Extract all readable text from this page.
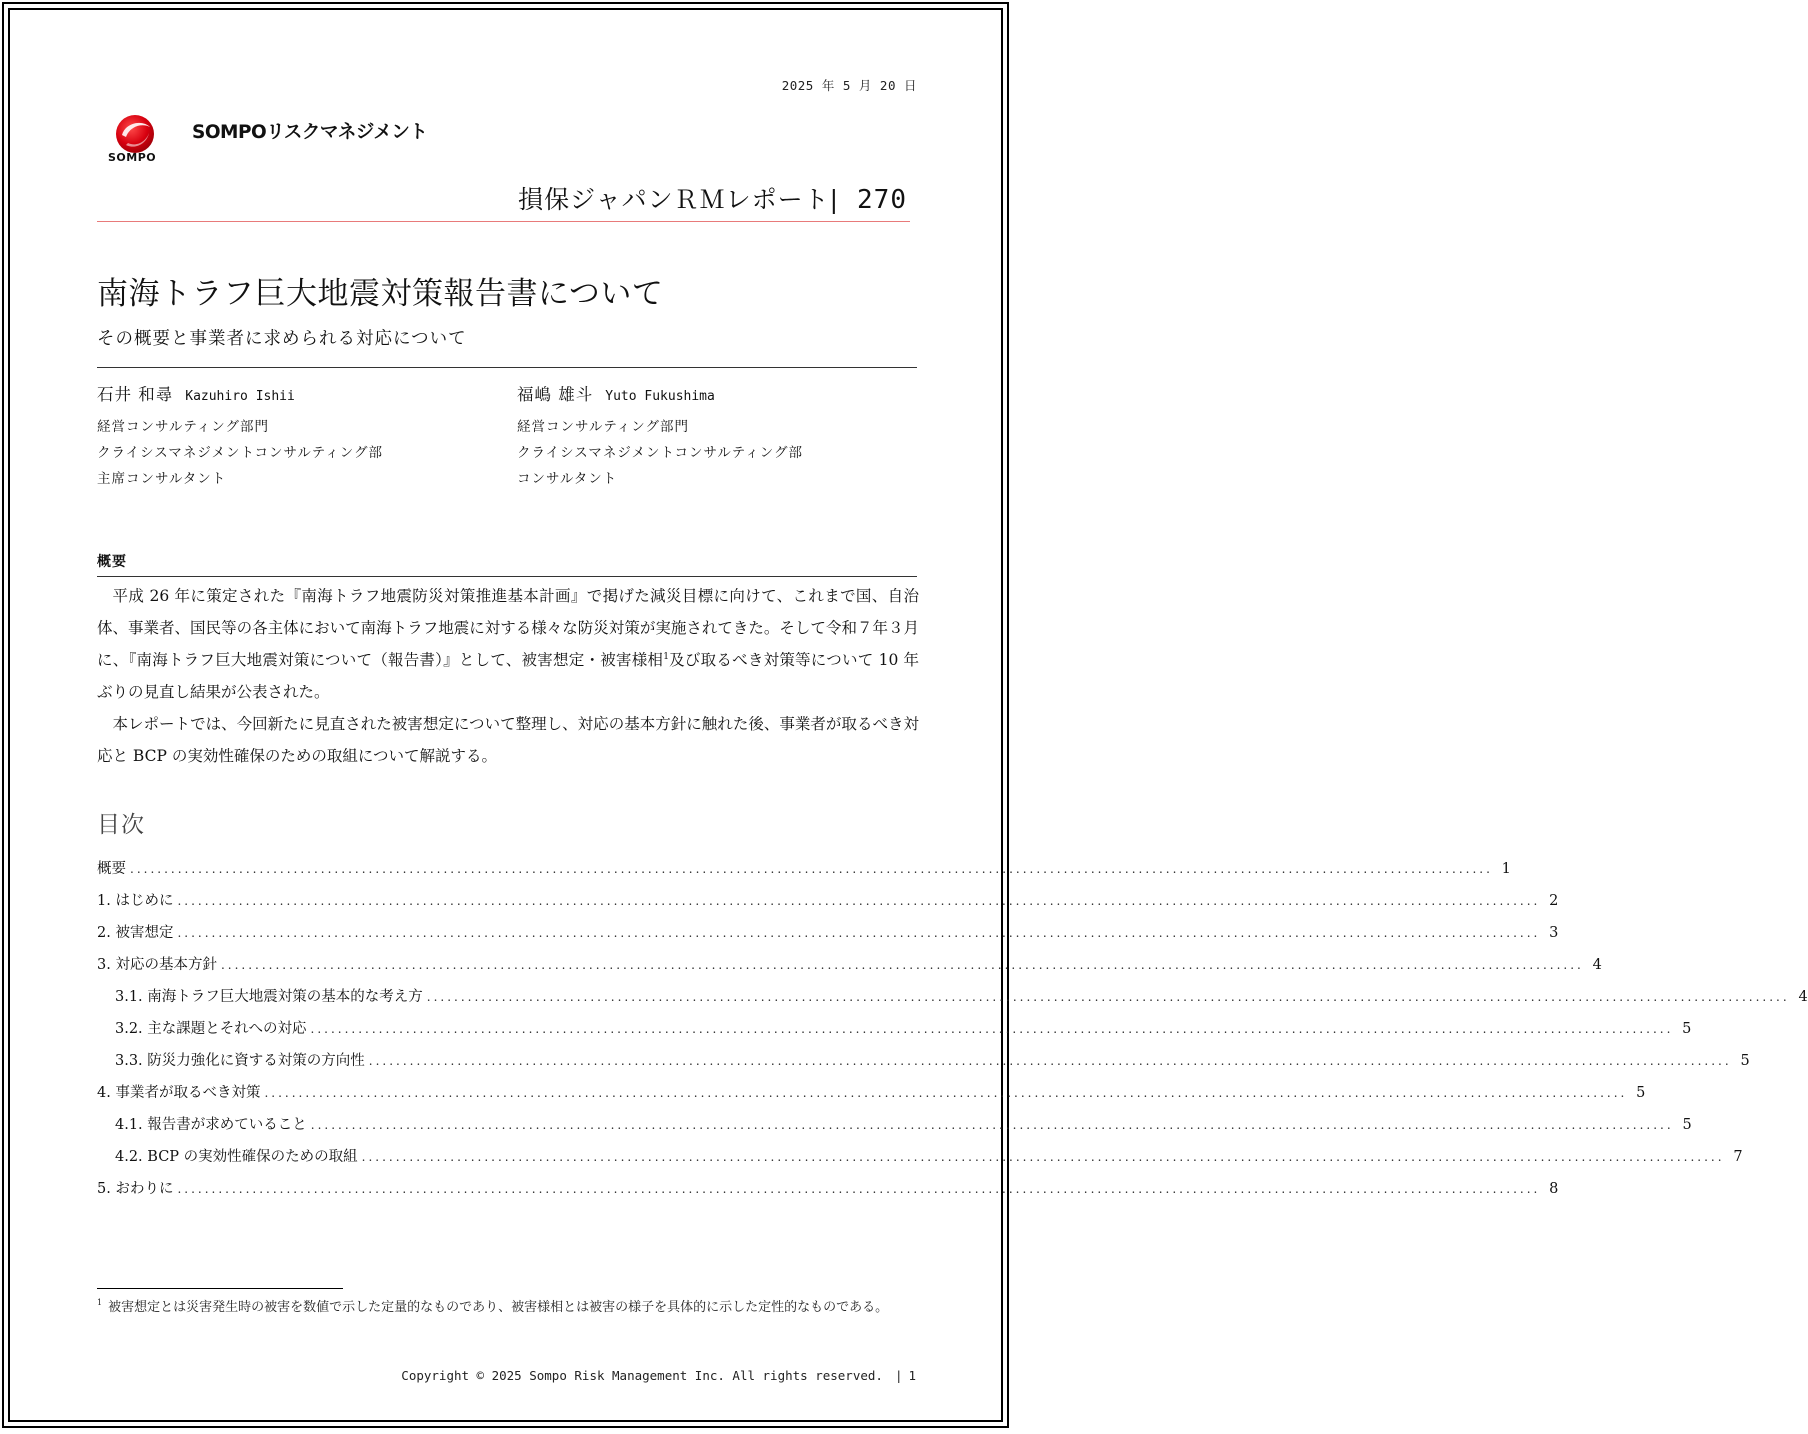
2025 年 5 月 20 日
SOMPO
SOMPOリスクマネジメント
損保ジャパンＲＭレポート| 270
南海トラフ巨大地震対策報告書について
その概要と事業者に求められる対応について
石井 和尋 Kazuhiro Ishii
経営コンサルティング部門
クライシスマネジメントコンサルティング部
主席コンサルタント
福嶋 雄斗 Yuto Fukushima
経営コンサルティング部門
クライシスマネジメントコンサルティング部
コンサルタント
概要

平成 26 年に策定された『南海トラフ地震防災対策推進基本計画』で掲げた減災目標に向けて、これまで国、自治体、事業者、国民等の各主体において南海トラフ地震に対する様々な防災対策が実施されてきた。そして令和７年３月に、『南海トラフ巨大地震対策について（報告書）』として、被害想定・被害様相$^1$及び取るべき対策等について 10 年ぶりの見直し結果が公表された。

本レポートでは、今回新たに見直された被害想定について整理し、対応の基本方針に触れた後、事業者が取るべき対応と BCP の実効性確保のための取組について解説する。

目次
概要 ........................................................................................................................................................................................................ 1
1. はじめに ........................................................................................................................................................................................................ 2
2. 被害想定 ........................................................................................................................................................................................................ 3
3. 対応の基本方針 ........................................................................................................................................................................................................ 4
3.1. 南海トラフ巨大地震対策の基本的な考え方 ........................................................................................................................................................................................................ 4
3.2. 主な課題とそれへの対応 ........................................................................................................................................................................................................ 5
3.3. 防災力強化に資する対策の方向性 ........................................................................................................................................................................................................ 5
4. 事業者が取るべき対策 ........................................................................................................................................................................................................ 5
4.1. 報告書が求めていること ........................................................................................................................................................................................................ 5
4.2. BCP の実効性確保のための取組 ........................................................................................................................................................................................................ 7
5. おわりに ........................................................................................................................................................................................................ 8
$^1$ 被害想定とは災害発生時の被害を数値で示した定量的なものであり、被害様相とは被害の様子を具体的に示した定性的なものである。
Copyright © 2025 Sompo Risk Management Inc. All rights reserved. | 1
